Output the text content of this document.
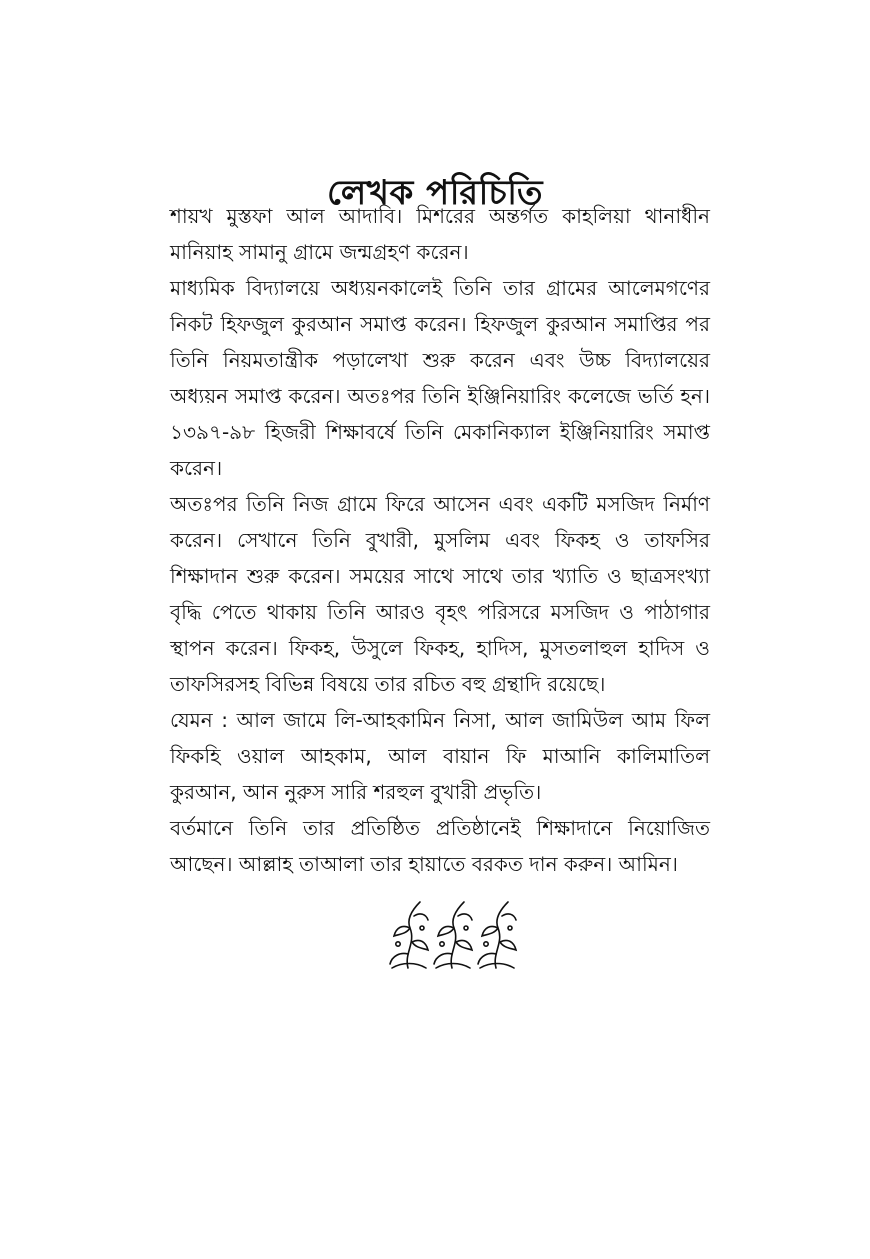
লেখক পরিচিতি

শায়খ মুস্তফা আল আদাবি। মিশরের অন্তর্গত কাহলিয়া থানাধীন মানিয়াহ সামানু গ্রামে জন্মগ্রহণ করেন।

মাধ্যমিক বিদ্যালয়ে অধ্যয়নকালেই তিনি তার গ্রামের আলেমগণের নিকট হিফজুল কুরআন সমাপ্ত করেন। হিফজুল কুরআন সমাপ্তির পর তিনি নিয়মতান্ত্রীক পড়ালেখা শুরু করেন এবং উচ্চ বিদ্যালয়ের অধ্যয়ন সমাপ্ত করেন। অতঃপর তিনি ইঞ্জিনিয়ারিং কলেজে ভর্তি হন। ১৩৯৭-৯৮ হিজরী শিক্ষাবর্ষে তিনি মেকানিক্যাল ইঞ্জিনিয়ারিং সমাপ্ত করেন।

অতঃপর তিনি নিজ গ্রামে ফিরে আসেন এবং একটি মসজিদ নির্মাণ করেন। সেখানে তিনি বুখারী, মুসলিম এবং ফিকহ ও তাফসির শিক্ষাদান শুরু করেন। সময়ের সাথে সাথে তার খ্যাতি ও ছাত্রসংখ্যা বৃদ্ধি পেতে থাকায় তিনি আরও বৃহৎ পরিসরে মসজিদ ও পাঠাগার স্থাপন করেন। ফিকহ, উসুলে ফিকহ, হাদিস, মুসতলাহুল হাদিস ও তাফসিরসহ বিভিন্ন বিষয়ে তার রচিত বহু গ্রন্থাদি রয়েছে।

যেমন : আল জামে লি-আহকামিন নিসা, আল জামিউল আম ফিল ফিকহি ওয়াল আহকাম, আল বায়ান ফি মাআনি কালিমাতিল কুরআন, আন নুরুস সারি শরহুল বুখারী প্রভৃতি।

বর্তমানে তিনি তার প্রতিষ্ঠিত প্রতিষ্ঠানেই শিক্ষাদানে নিয়োজিত আছেন। আল্লাহ তাআলা তার হায়াতে বরকত দান করুন। আমিন।
